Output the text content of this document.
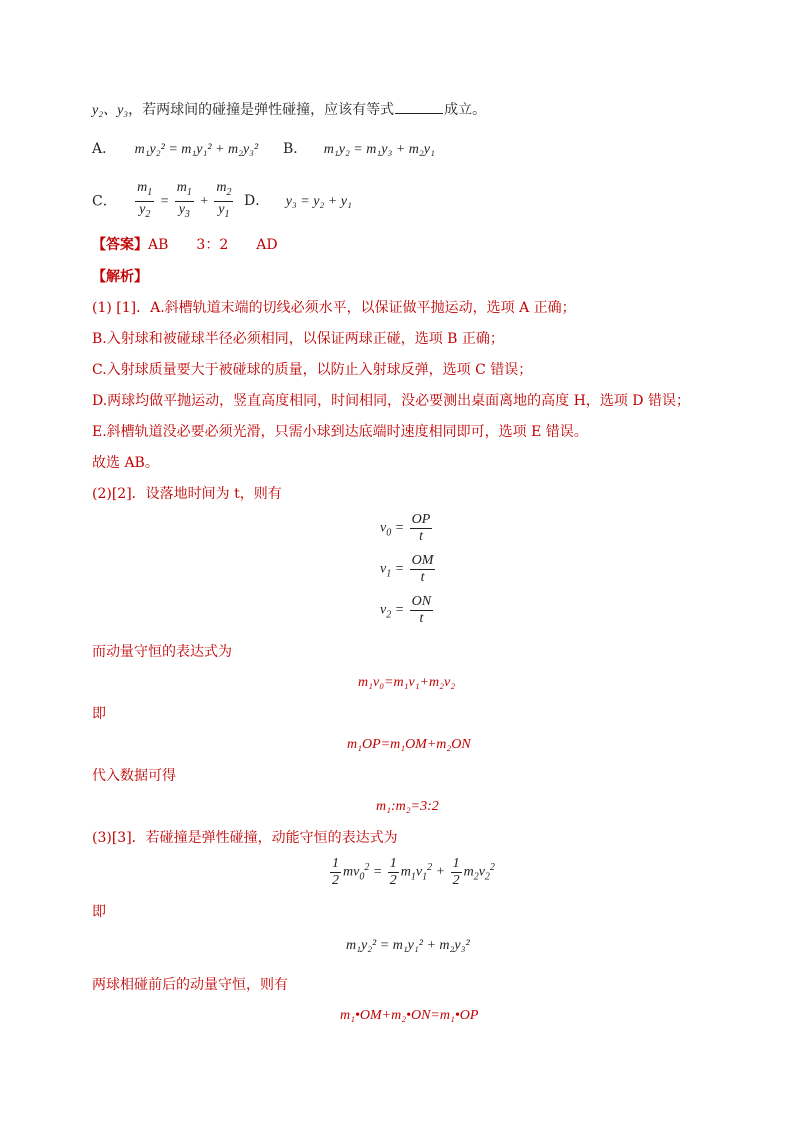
y₂、y₃，若两球间的碰撞是弹性碰撞，应该有等式	成立。
A． m₁y₂² = m₁y₁² + m₂y₃² B． m₁y₂ = m₁y₃ + m₂y₁
C． $\frac{m_1}{y_2} = \frac{m_1}{y_3} + \frac{m_2}{y_1}$ D． y₃ = y₂ + y₁
【答案】AB 3：2 AD
【解析】
(1) [1]．A.斜槽轨道末端的切线必须水平，以保证做平抛运动，选项 A 正确；
B.入射球和被碰球半径必须相同，以保证两球正碰，选项 B 正确；
C.入射球质量要大于被碰球的质量，以防止入射球反弹，选项 C 错误；
D.两球均做平抛运动，竖直高度相同，时间相同，没必要测出桌面离地的高度 H，选项 D 错误；
E.斜槽轨道没必要必须光滑，只需小球到达底端时速度相同即可，选项 E 错误。
故选 AB。
(2)[2]．设落地时间为 t，则有
$v_0 = \frac{OP}{t}$
$v_1 = \frac{OM}{t}$
$v_2 = \frac{ON}{t}$
而动量守恒的表达式为
m₁v₀=m₁v₁+m₂v₂
即
m₁OP=m₁OM+m₂ON
代入数据可得
m₁:m₂=3:2
(3)[3]．若碰撞是弹性碰撞，动能守恒的表达式为
$\frac{1}{2} mv_0^2 = \frac{1}{2} m_1v_1^2 + \frac{1}{2} m_2v_2^2$
即
m₁y₂² = m₁y₁² + m₂y₃²
两球相碰前后的动量守恒，则有
m₁•OM+m₂•ON=m₁•OP
